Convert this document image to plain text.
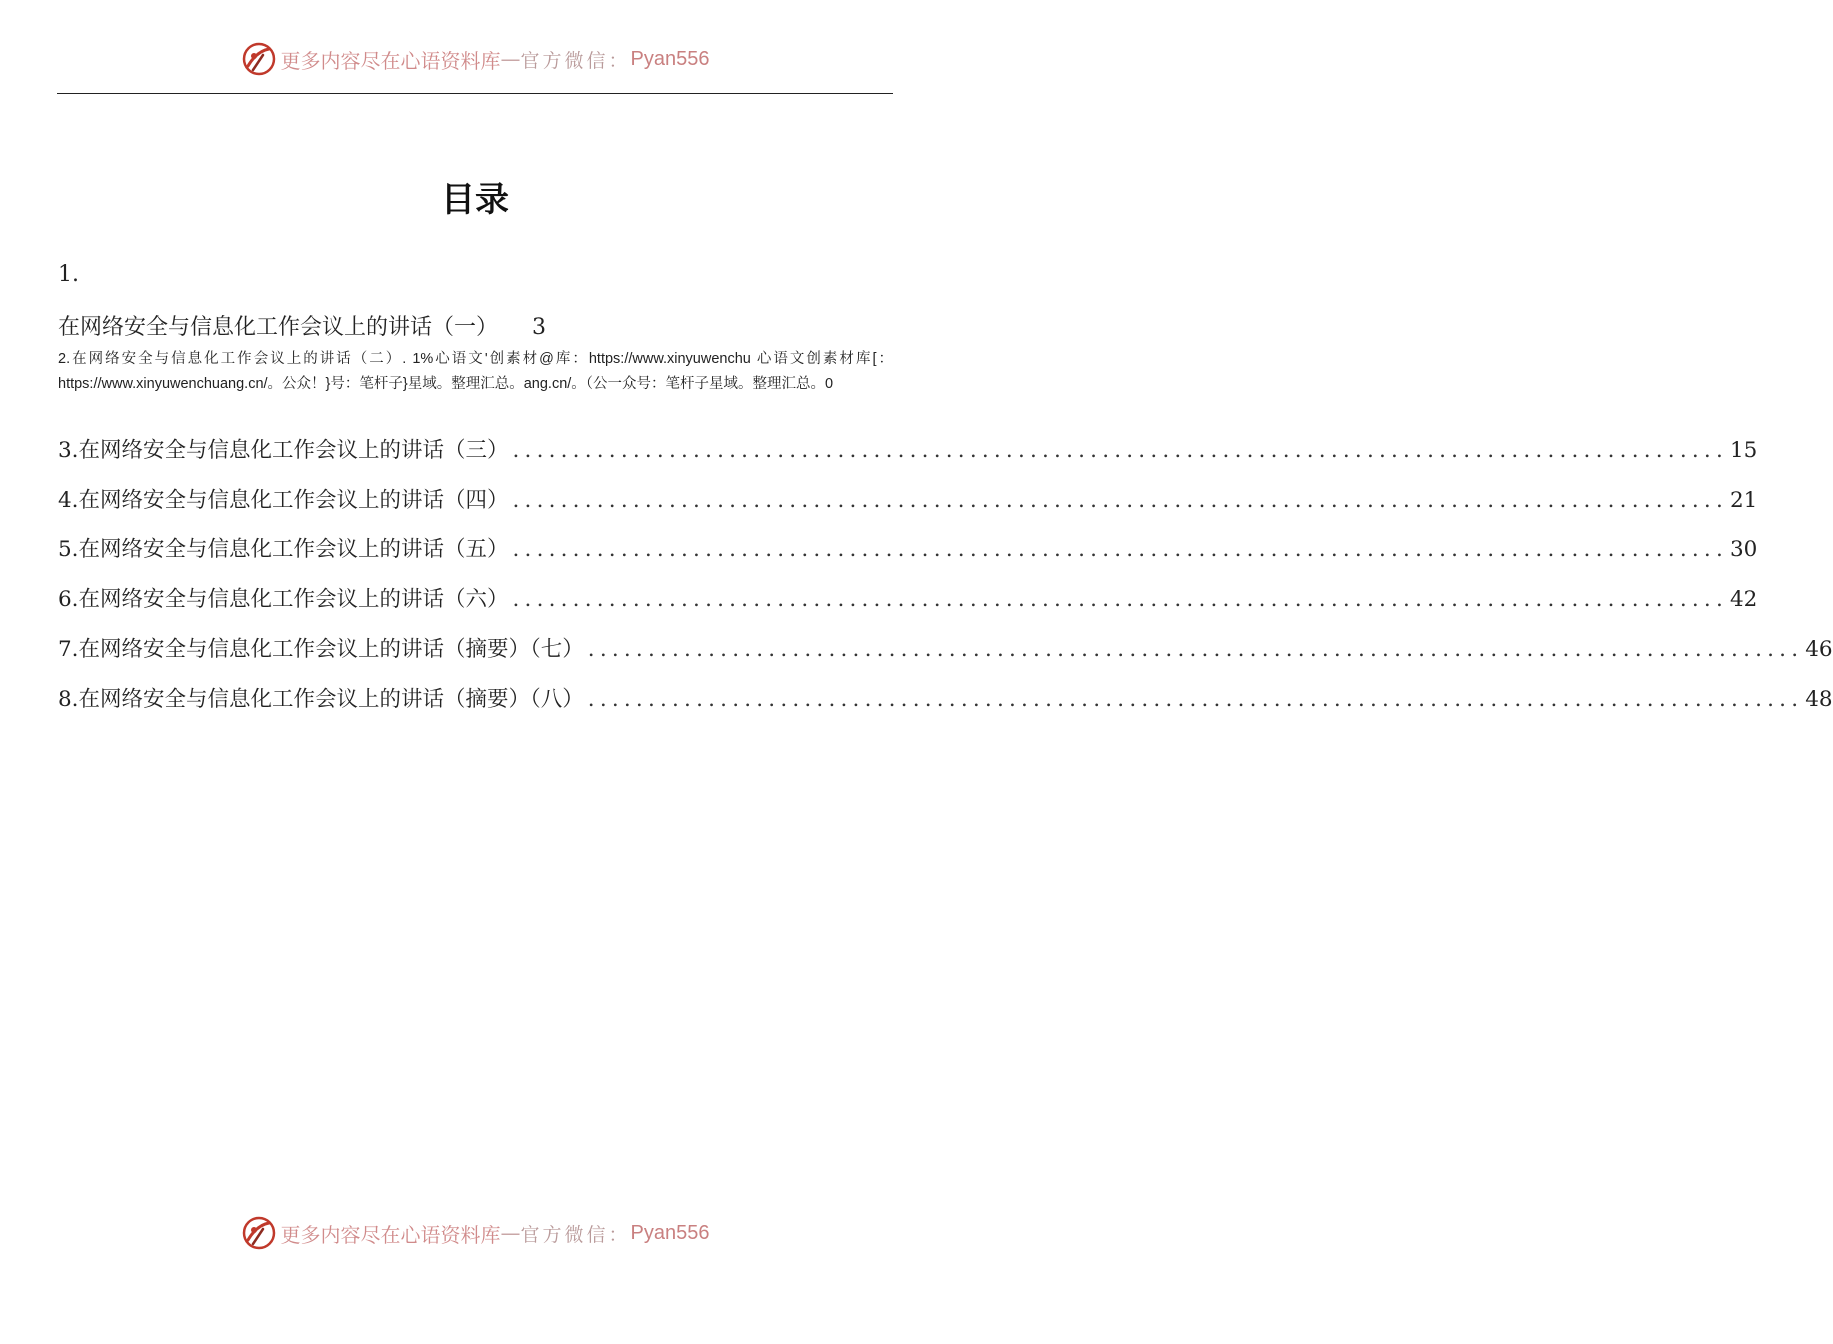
更多内容尽在心语资料库 — 官方微信： Pyan556
目录
1.
在网络安全与信息化工作会议上的讲话（一） 3
2.在网络安全与信息化工作会议上的讲话（二）. 1%心语文'创素材@库：https://www.xinyuwenchu 心语文创素材库[：https://www.xinyuwenchuang.cn/。公众！}号：笔杆子}星域。整理汇总。ang.cn/。（公一众号：笔杆子星域。整理汇总。0
3.在网络安全与信息化工作会议上的讲话（三） ..................................................................................................... 15
4.在网络安全与信息化工作会议上的讲话（四） ..................................................................................................... 21
5.在网络安全与信息化工作会议上的讲话（五） ..................................................................................................... 30
6.在网络安全与信息化工作会议上的讲话（六） ..................................................................................................... 42
7.在网络安全与信息化工作会议上的讲话（摘要）（七） ..................................................................................................... 46
8.在网络安全与信息化工作会议上的讲话（摘要）（八） ..................................................................................................... 48
更多内容尽在心语资料库 — 官方微信： Pyan556
